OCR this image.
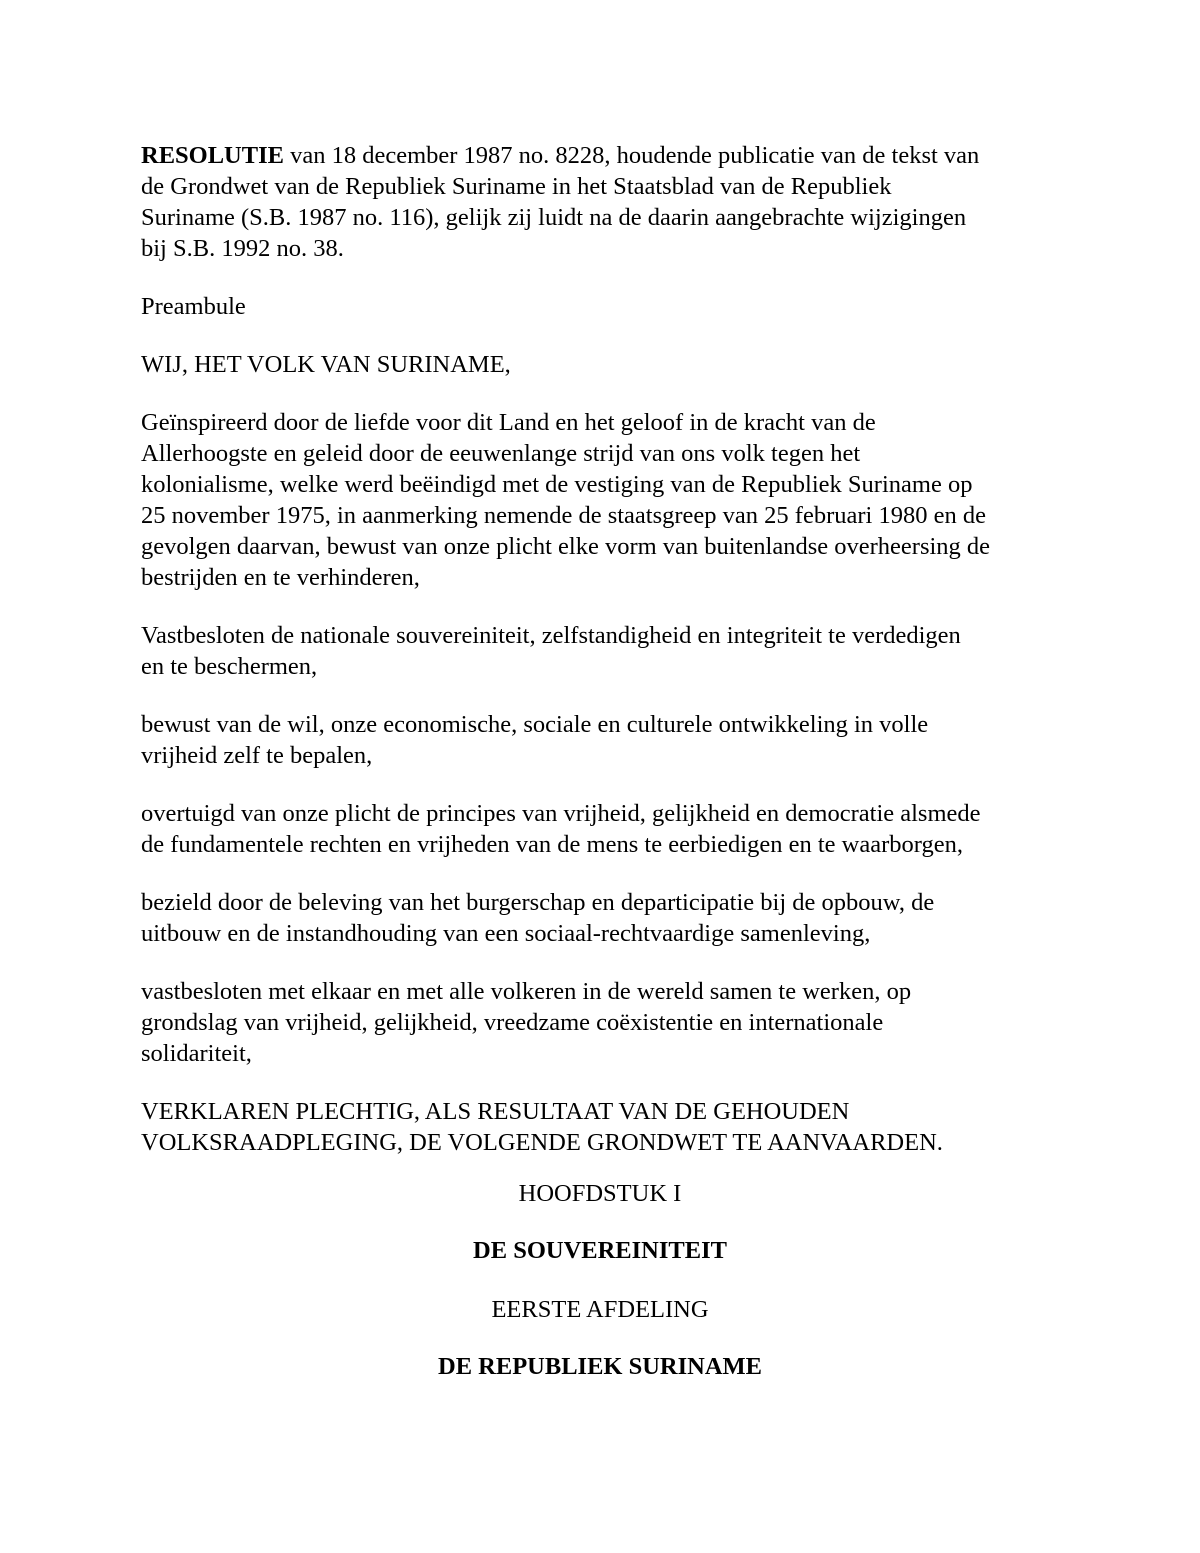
RESOLUTIE van 18 december 1987 no. 8228, houdende publicatie van de tekst van
de Grondwet van de Republiek Suriname in het Staatsblad van de Republiek
Suriname (S.B. 1987 no. 116), gelijk zij luidt na de daarin aangebrachte wijzigingen
bij S.B. 1992 no. 38.

Preambule

WIJ, HET VOLK VAN SURINAME,

Geïnspireerd door de liefde voor dit Land en het geloof in de kracht van de
Allerhoogste en geleid door de eeuwenlange strijd van ons volk tegen het
kolonialisme, welke werd beëindigd met de vestiging van de Republiek Suriname op
25 november 1975, in aanmerking nemende de staatsgreep van 25 februari 1980 en de
gevolgen daarvan, bewust van onze plicht elke vorm van buitenlandse overheersing de
bestrijden en te verhinderen,

Vastbesloten de nationale souvereiniteit, zelfstandigheid en integriteit te verdedigen
en te beschermen,

bewust van de wil, onze economische, sociale en culturele ontwikkeling in volle
vrijheid zelf te bepalen,

overtuigd van onze plicht de principes van vrijheid, gelijkheid en democratie alsmede
de fundamentele rechten en vrijheden van de mens te eerbiedigen en te waarborgen,

bezield door de beleving van het burgerschap en departicipatie bij de opbouw, de
uitbouw en de instandhouding van een sociaal-rechtvaardige samenleving,

vastbesloten met elkaar en met alle volkeren in de wereld samen te werken, op
grondslag van vrijheid, gelijkheid, vreedzame coëxistentie en internationale
solidariteit,

VERKLAREN PLECHTIG, ALS RESULTAAT VAN DE GEHOUDEN
VOLKSRAADPLEGING, DE VOLGENDE GRONDWET TE AANVAARDEN.

HOOFDSTUK I
DE SOUVEREINITEIT
EERSTE AFDELING
DE REPUBLIEK SURINAME
